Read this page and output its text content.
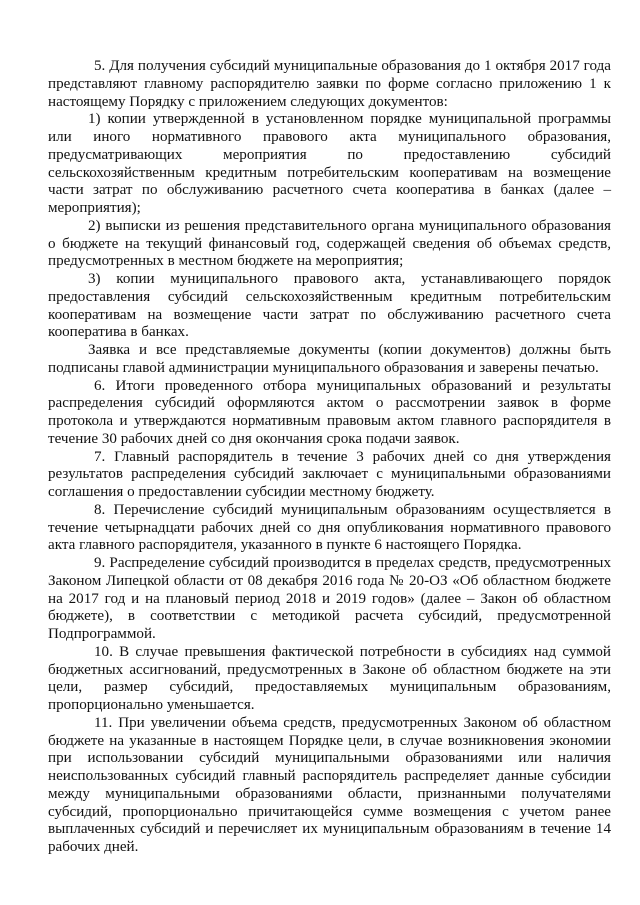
5. Для получения субсидий муниципальные образования до 1 октября 2017 года представляют главному распорядителю заявки по форме согласно приложению 1 к настоящему Порядку с приложением следующих документов:

1) копии утвержденной в установленном порядке муниципальной программы или иного нормативного правового акта муниципального образования, предусматривающих мероприятия по предоставлению субсидий сельскохозяйственным кредитным потребительским кооперативам на возмещение части затрат по обслуживанию расчетного счета кооператива в банках (далее – мероприятия);

2) выписки из решения представительного органа муниципального образования о бюджете на текущий финансовый год, содержащей сведения об объемах средств, предусмотренных в местном бюджете на мероприятия;

3) копии муниципального правового акта, устанавливающего порядок предоставления субсидий сельскохозяйственным кредитным потребительским кооперативам на возмещение части затрат по обслуживанию расчетного счета кооператива в банках.

Заявка и все представляемые документы (копии документов) должны быть подписаны главой администрации муниципального образования и заверены печатью.

6. Итоги проведенного отбора муниципальных образований и результаты распределения субсидий оформляются актом о рассмотрении заявок в форме протокола и утверждаются нормативным правовым актом главного распорядителя в течение 30 рабочих дней со дня окончания срока подачи заявок.

7. Главный распорядитель в течение 3 рабочих дней со дня утверждения результатов распределения субсидий заключает с муниципальными образованиями соглашения о предоставлении субсидии местному бюджету.

8. Перечисление субсидий муниципальным образованиям осуществляется в течение четырнадцати рабочих дней со дня опубликования нормативного правового акта главного распорядителя, указанного в пункте 6 настоящего Порядка.

9. Распределение субсидий производится в пределах средств, предусмотренных Законом Липецкой области от 08 декабря 2016 года № 20-ОЗ «Об областном бюджете на 2017 год и на плановый период 2018 и 2019 годов» (далее – Закон об областном бюджете), в соответствии с методикой расчета субсидий, предусмотренной Подпрограммой.

10. В случае превышения фактической потребности в субсидиях над суммой бюджетных ассигнований, предусмотренных в Законе об областном бюджете на эти цели, размер субсидий, предоставляемых муниципальным образованиям, пропорционально уменьшается.

11. При увеличении объема средств, предусмотренных Законом об областном бюджете на указанные в настоящем Порядке цели, в случае возникновения экономии при использовании субсидий муниципальными образованиями или наличия неиспользованных субсидий главный распорядитель распределяет данные субсидии между муниципальными образованиями области, признанными получателями субсидий, пропорционально причитающейся сумме возмещения с учетом ранее выплаченных субсидий и перечисляет их муниципальным образованиям в течение 14 рабочих дней.
